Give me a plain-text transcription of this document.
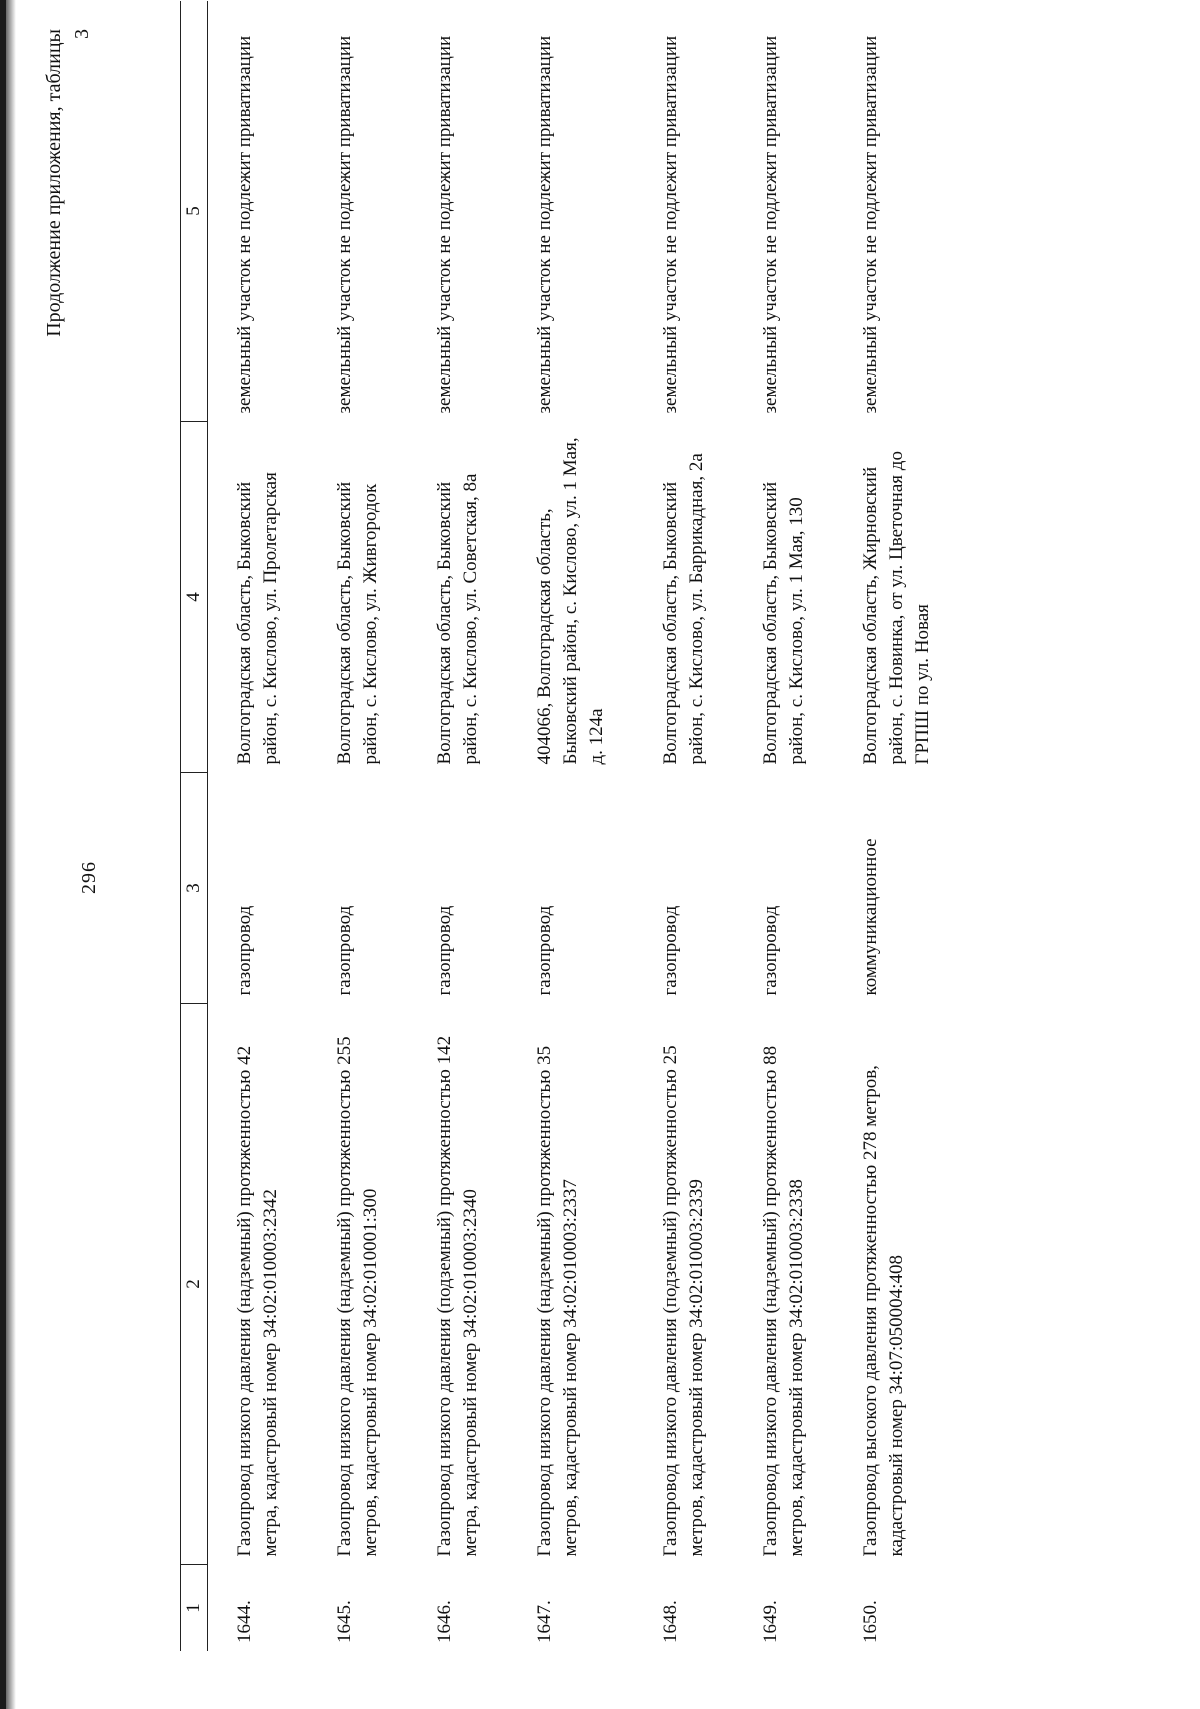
296
Продолжение приложения, таблицы 3
1	2	3	4	5
1644.	Газопровод низкого давления (надземный) протяженностью 42 метра, кадастровый номер 34:02:010003:2342	газопровод	Волгоградская область, Быковский район, с. Кислово, ул. Пролетарская	земельный участок не подлежит приватизации
1645.	Газопровод низкого давления (надземный) протяженностью 255 метров, кадастровый номер 34:02:010001:300	газопровод	Волгоградская область, Быковский район, с. Кислово, ул. Живгородок	земельный участок не подлежит приватизации
1646.	Газопровод низкого давления (подземный) протяженностью 142 метра, кадастровый номер 34:02:010003:2340	газопровод	Волгоградская область, Быковский район, с. Кислово, ул. Советская, 8а	земельный участок не подлежит приватизации
1647.	Газопровод низкого давления (надземный) протяженностью 35 метров, кадастровый номер 34:02:010003:2337	газопровод	404066, Волгоградская область, Быковский район, с. Кислово, ул. 1 Мая, д. 124а	земельный участок не подлежит приватизации
1648.	Газопровод низкого давления (подземный) протяженностью 25 метров, кадастровый номер 34:02:010003:2339	газопровод	Волгоградская область, Быковский район, с. Кислово, ул. Баррикадная, 2а	земельный участок не подлежит приватизации
1649.	Газопровод низкого давления (надземный) протяженностью 88 метров, кадастровый номер 34:02:010003:2338	газопровод	Волгоградская область, Быковский район, с. Кислово, ул. 1 Мая, 130	земельный участок не подлежит приватизации
1650.	Газопровод высокого давления протяженностью 278 метров, кадастровый номер 34:07:050004:408	коммуникационное	Волгоградская область, Жирновский район, с. Новинка, от ул. Цветочная до ГРПШ по ул. Новая	земельный участок не подлежит приватизации
